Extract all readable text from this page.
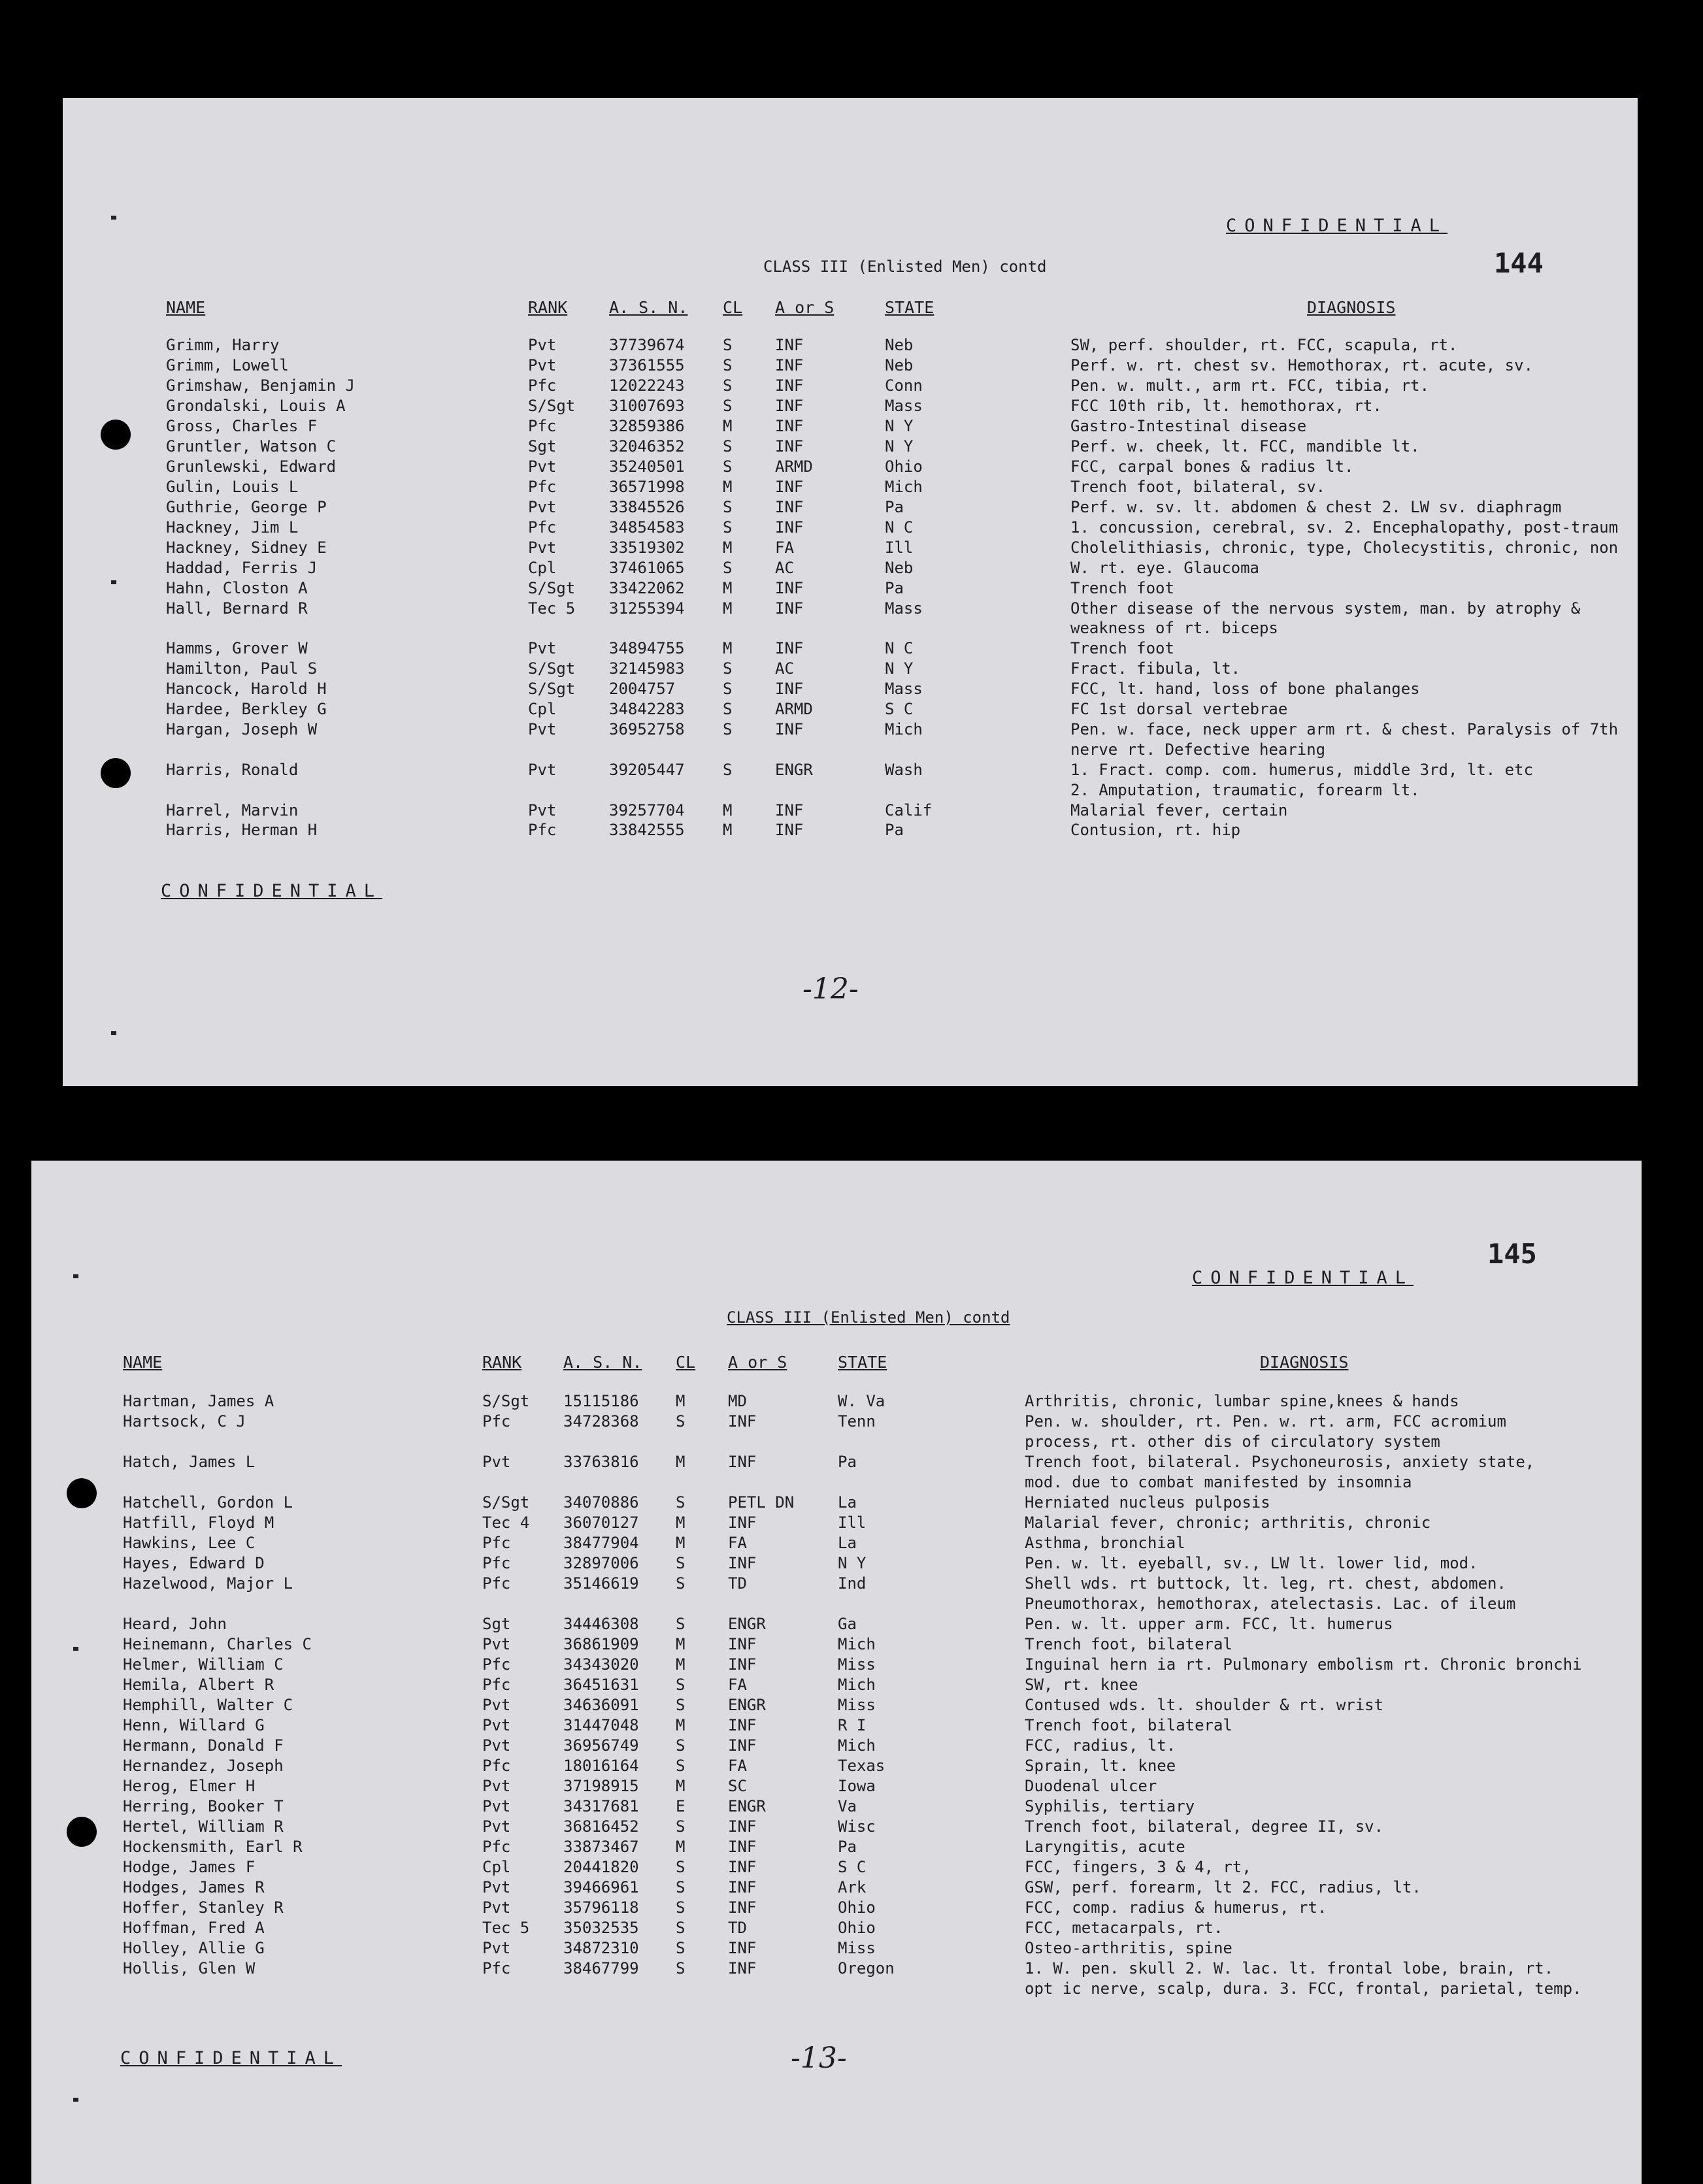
CONFIDENTIAL
144
CLASS III (Enlisted Men) contd
NAME	RANK	A. S. N. CL A or S	STATE	DIAGNOSIS
Grimm, Harry	Pvt	37739674 S	INF	Neb	SW, perf. shoulder, rt. FCC, scapula, rt.
Grimm, Lowell	Pvt	37361555 S	INF	Neb	Perf. w. rt. chest sv. Hemothorax, rt. acute, sv.
Grimshaw, Benjamin J	Pfc	12022243 S	INF	Conn	Pen. w. mult., arm rt. FCC, tibia, rt.
Grondalski, Louis A	S/Sgt 31007693 S	INF	Mass	FCC 10th rib, lt. hemothorax, rt.
Gross, Charles F	Pfc	32859386 M	INF	N Y	Gastro-Intestinal disease
Gruntler, Watson C	Sgt	32046352 S	INF	N Y	Perf. w. cheek, lt. FCC, mandible lt.
Grunlewski, Edward	Pvt	35240501 S	ARMD	Ohio	FCC, carpal bones & radius lt.
Gulin, Louis L	Pfc	36571998 M	INF	Mich	Trench foot, bilateral, sv.
Guthrie, George P	Pvt	33845526 S	INF	Pa	Perf. w. sv. lt. abdomen & chest 2. LW sv. diaphragm
Hackney, Jim L	Pfc	34854583 S	INF	N C	1. concussion, cerebral, sv. 2. Encephalopathy, post-traum
Hackney, Sidney E	Pvt	33519302 M	FA	Ill	Cholelithiasis, chronic, type, Cholecystitis, chronic, non
Haddad, Ferris J	Cpl	37461065 S	AC	Neb	W. rt. eye. Glaucoma
Hahn, Closton A	S/Sgt 33422062 M	INF	Pa	Trench foot
Hall, Bernard R	Tec 5 31255394 M	INF	Mass	Other disease of the nervous system, man. by atrophy &
weakness of rt. biceps
Hamms, Grover W	Pvt	34894755 M	INF	N C	Trench foot
Hamilton, Paul S	S/Sgt 32145983 S	AC	N Y	Fract. fibula, lt.
Hancock, Harold H	S/Sgt 2004757	S	INF	Mass	FCC, lt. hand, loss of bone phalanges
Hardee, Berkley G	Cpl	34842283 S	ARMD	S C	FC 1st dorsal vertebrae
Hargan, Joseph W	Pvt	36952758 S	INF	Mich	Pen. w. face, neck upper arm rt. & chest. Paralysis of 7th
nerve rt. Defective hearing
Harris, Ronald	Pvt	39205447 S	ENGR	Wash	1. Fract. comp. com. humerus, middle 3rd, lt. etc
2. Amputation, traumatic, forearm lt.
Harrel, Marvin	Pvt	39257704 M	INF	Calif	Malarial fever, certain
Harris, Herman H	Pfc	33842555 M	INF	Pa	Contusion, rt. hip
CONFIDENTIAL
-12-
CONFIDENTIAL
145
CLASS III (Enlisted Men) contd
NAME	RANK	A. S. N. CL A or S	STATE	DIAGNOSIS
Hartman, James A	S/Sgt 15115186 M	MD	W. Va	Arthritis, chronic, lumbar spine,knees & hands
Hartsock, C J	Pfc	34728368 S	INF	Tenn	Pen. w. shoulder, rt. Pen. w. rt. arm, FCC acromium
process, rt. other dis of circulatory system
Hatch, James L	Pvt	33763816 M	INF	Pa	Trench foot, bilateral. Psychoneurosis, anxiety state,
mod. due to combat manifested by insomnia
Hatchell, Gordon L	S/Sgt 34070886 S	PETL DN	La	Herniated nucleus pulposis
Hatfill, Floyd M	Tec 4 36070127 M	INF	Ill	Malarial fever, chronic; arthritis, chronic
Hawkins, Lee C	Pfc	38477904 M	FA	La	Asthma, bronchial
Hayes, Edward D	Pfc	32897006 S	INF	N Y	Pen. w. lt. eyeball, sv., LW lt. lower lid, mod.
Hazelwood, Major L	Pfc	35146619 S	TD	Ind	Shell wds. rt buttock, lt. leg, rt. chest, abdomen.
Pneumothorax, hemothorax, atelectasis. Lac. of ileum
Heard, John	Sgt	34446308 S	ENGR	Ga	Pen. w. lt. upper arm. FCC, lt. humerus
Heinemann, Charles C	Pvt	36861909 M	INF	Mich	Trench foot, bilateral
Helmer, William C	Pfc	34343020 M	INF	Miss	Inguinal hern ia rt. Pulmonary embolism rt. Chronic bronchi
Hemila, Albert R	Pfc	36451631 S	FA	Mich	SW, rt. knee
Hemphill, Walter C	Pvt	34636091 S	ENGR	Miss	Contused wds. lt. shoulder & rt. wrist
Henn, Willard G	Pvt	31447048 M	INF	R I	Trench foot, bilateral
Hermann, Donald F	Pvt	36956749 S	INF	Mich	FCC, radius, lt.
Hernandez, Joseph	Pfc	18016164 S	FA	Texas	Sprain, lt. knee
Herog, Elmer H	Pvt	37198915 M	SC	Iowa	Duodenal ulcer
Herring, Booker T	Pvt	34317681 E	ENGR	Va	Syphilis, tertiary
Hertel, William R	Pvt	36816452 S	INF	Wisc	Trench foot, bilateral, degree II, sv.
Hockensmith, Earl R	Pfc	33873467 M	INF	Pa	Laryngitis, acute
Hodge, James F	Cpl	20441820 S	INF	S C	FCC, fingers, 3 & 4, rt,
Hodges, James R	Pvt	39466961 S	INF	Ark	GSW, perf. forearm, lt 2. FCC, radius, lt.
Hoffer, Stanley R	Pvt	35796118 S	INF	Ohio	FCC, comp. radius & humerus, rt.
Hoffman, Fred A	Tec 5 35032535 S	TD	Ohio	FCC, metacarpals, rt.
Holley, Allie G	Pvt	34872310 S	INF	Miss	Osteo-arthritis, spine
Hollis, Glen W	Pfc	38467799 S	INF	Oregon	1. W. pen. skull 2. W. lac. lt. frontal lobe, brain, rt.
opt ic nerve, scalp, dura. 3. FCC, frontal, parietal, temp.
CONFIDENTIAL	-13-
